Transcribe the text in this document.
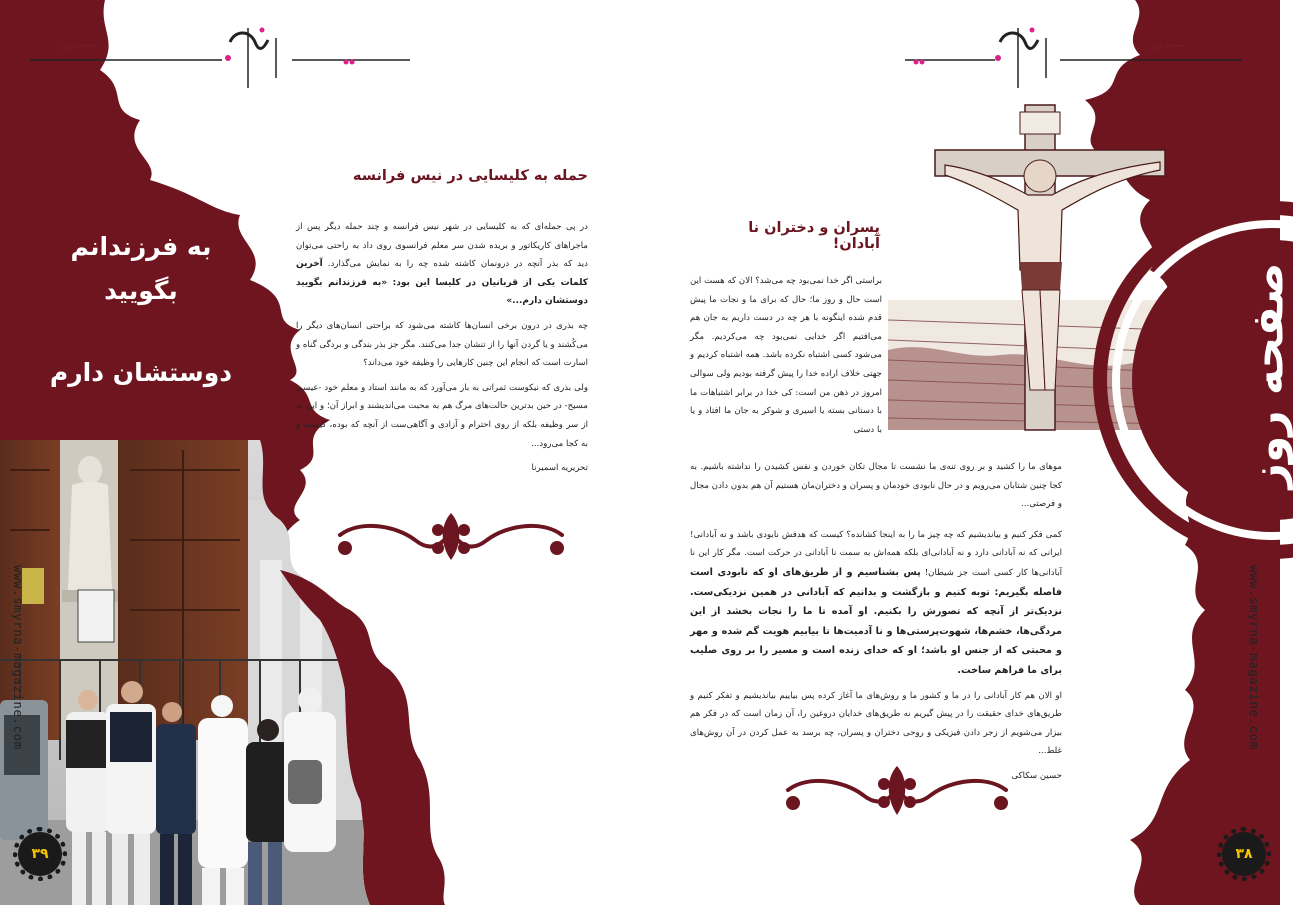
صفحه روز	صفحه روز
به فرزندانم
بگویید
دوستشان دارم
حمله به کلیسایی در نیس فرانسه

در پی حمله‌ای که به کلیسایی در شهر نیس فرانسه و چند حمله دیگر پس از ماجراهای کاریکاتور و بریده شدن سر معلم فرانسوی روی داد به راحتی می‌توان دید که بذر آنچه در درونمان کاشته شده چه را به نمایش می‌گذارد. آخرین کلمات یکی از قربانیان در کلیسا این بود: «به فرزندانم بگویید دوستشان دارم...»

چه بذری در درون برخی انسان‌ها کاشته می‌شود که براحتی انسان‌های دیگر را می‌کُشند و یا گردن آنها را از تنشان جدا می‌کنند. مگر جز بذر بندگی و بردگی گناه و اسارت است که انجام این چنین کارهایی را وظیفه خود می‌داند؟

ولی بذری که نیکوست ثمراتی به بار می‌آورد که به مانند استاد و معلم خود -عیسی مسیح- در حین بدترین حالت‌های مرگ هم به محبت می‌اندیشند و ابراز آن؛ و این نه از سر وظیفه بلکه از روی احترام و آزادی و آگاهی‌ست از آنچه که بوده، کیست و به کجا می‌رود...

تحریریه اسمیرنا

www.smyrna-magazine.com
۳۹
پسران و دختران نا آبادان!

براستی اگر خدا نمی‌بود چه می‌شد؟ الان که هست این است حال و روز ما؛ حال که برای ما و نجات ما پیش قدم شده اینگونه با هر چه در دست داریم به جان هم می‌افتیم اگر خدایی نمی‌بود چه می‌کردیم. مگر می‌شود کسی اشتباه نکرده باشد. همه اشتباه کردیم و جهتی خلاف اراده خدا را پیش گرفته بودیم ولی سوالی امروز در ذهن من است: کی خدا در برابر اشتباهات ما با دستانی بسته یا اسیری و شوکر به جان ما افتاد و یا با دستی

موهای ما را کشید و بر روی تنه‌ی ما نشست تا مجال تکان خوردن و نفس کشیدن را نداشته باشیم. به کجا چنین شتابان می‌رویم و در حال نابودی خودمان و پسران و دختران‌مان هستیم آن هم بدون دادن مجال و فرصتی...

کمی فکر کنیم و بیاندیشیم که چه چیز ما را به اینجا کشانده؟ کیست که هدفش نابودی باشد و نه آبادانی! ایرانی که نه آبادانی دارد و نه آبادانی‌ای بلکه همه‌اش به سمت نا آبادانی در حرکت است. مگر کار این نا آبادانی‌ها کار کسی است جز شیطان! پس بشناسیم و از طریق‌های او که نابودی است فاصله بگیریم: توبه کنیم و بازگشت و بدانیم که آبادانی در همین نزدیکی‌ست. نزدیک‌تر از آنچه که تصورش را بکنیم. او آمده تا ما را نجات بخشد از این مردگی‌ها، خشم‌ها، شهوت‌پرستی‌ها و نا آدمیت‌ها تا بیابیم هویت گم شده و مهر و محبتی که از جنس او باشد؛ او که خدای زنده است و مسیر را بر روی صلیب برای ما فراهم ساخت.

او الان هم کار آبادانی را در ما و کشور ما و روش‌های ما آغاز کرده پس بیاییم بیاندیشیم و تفکر کنیم و طریق‌های خدای حقیقت را در پیش گیریم نه طریق‌های خدایان دروغین را، آن زمان است که در فکر هم بیزار می‌شویم از زجر دادن فیزیکی و روحی دختران و پسران، چه برسد به عمل کردن در آن روش‌های غلط...

حسین سکاکی

صفحه روز
www.smyrna-magazine.com
۳۸
